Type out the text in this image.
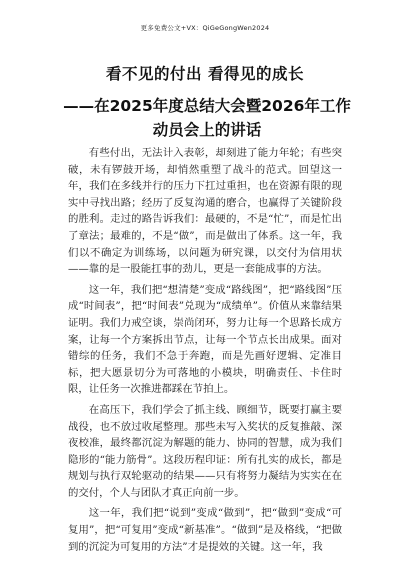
更多免费公文+VX：QiGeGongWen2024
看不见的付出 看得见的成长
——在2025年度总结大会暨2026年工作动员会上的讲话

有些付出，无法计入表彰，却刻进了能力年轮；有些突破，未有锣鼓开场，却悄然重塑了战斗的范式。回望这一年，我们在多线并行的压力下扛过重担，也在资源有限的现实中寻找出路；经历了反复沟通的磨合，也赢得了关键阶段的胜利。走过的路告诉我们：最硬的，不是“忙”，而是忙出了章法；最难的，不是“做”，而是做出了体系。这一年，我们以不确定为训练场，以问题为研究课，以交付为信用状——靠的是一股能扛事的劲儿，更是一套能成事的方法。

这一年，我们把“想清楚”变成“路线图”，把“路线图”压成“时间表”，把“时间表”兑现为“成绩单”。价值从来靠结果证明。我们力戒空谈，崇尚闭环，努力让每一个思路长成方案，让每一个方案拆出节点，让每一个节点长出成果。面对错综的任务，我们不急于奔跑，而是先画好逻辑、定准目标，把大愿景切分为可落地的小模块，明确责任、卡住时限，让任务一次推进都踩在节拍上。

在高压下，我们学会了抓主线、顾细节，既要打赢主要战役，也不放过收尾整理。那些未写入奖状的反复推敲、深夜校准，最终都沉淀为解题的能力、协同的智慧，成为我们隐形的“能力筋骨”。这段历程印证：所有扎实的成长，都是规划与执行双轮驱动的结果——只有将努力凝结为实实在在的交付，个人与团队才真正向前一步。

这一年，我们把“说到”变成“做到”，把“做到”变成“可复用”，把“可复用”变成“新基准”。“做到”是及格线，“把做到的沉淀为可复用的方法”才是提效的关键。这一年，我
